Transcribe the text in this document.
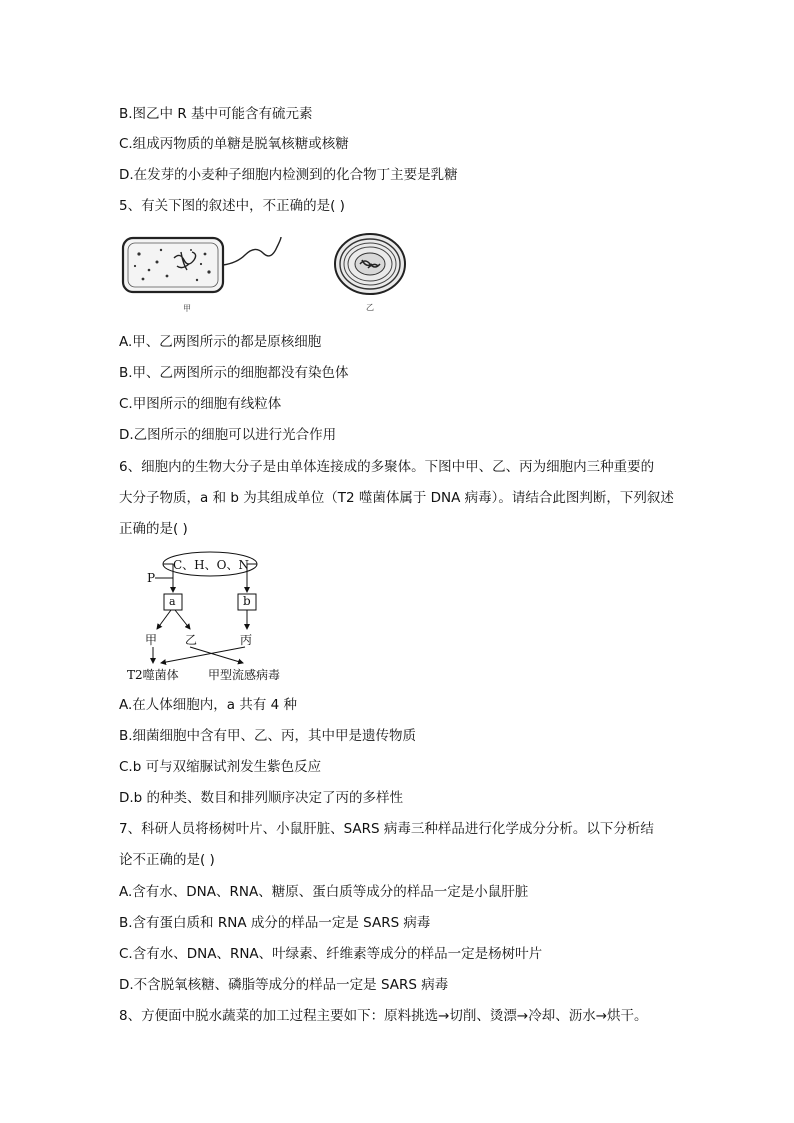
B.图乙中 R 基中可能含有硫元素
C.组成丙物质的单糖是脱氧核糖或核糖
D.在发芽的小麦种子细胞内检测到的化合物丁主要是乳糖
5、有关下图的叙述中，不正确的是( )
甲	乙
A.甲、乙两图所示的都是原核细胞
B.甲、乙两图所示的细胞都没有染色体
C.甲图所示的细胞有线粒体
D.乙图所示的细胞可以进行光合作用
6、细胞内的生物大分子是由单体连接成的多聚体。下图中甲、乙、丙为细胞内三种重要的
大分子物质，a 和 b 为其组成单位（T2 噬菌体属于 DNA 病毒）。请结合此图判断，下列叙述
正确的是( )
C、H、O、N
P
a	b
甲 乙	丙
T2噬菌体 甲型流感病毒
A.在人体细胞内，a 共有 4 种
B.细菌细胞中含有甲、乙、丙，其中甲是遗传物质
C.b 可与双缩脲试剂发生紫色反应
D.b 的种类、数目和排列顺序决定了丙的多样性
7、科研人员将杨树叶片、小鼠肝脏、SARS 病毒三种样品进行化学成分分析。以下分析结
论不正确的是( )
A.含有水、DNA、RNA、糖原、蛋白质等成分的样品一定是小鼠肝脏
B.含有蛋白质和 RNA 成分的样品一定是 SARS 病毒
C.含有水、DNA、RNA、叶绿素、纤维素等成分的样品一定是杨树叶片
D.不含脱氧核糖、磷脂等成分的样品一定是 SARS 病毒
8、方便面中脱水蔬菜的加工过程主要如下：原料挑选→切削、烫漂→冷却、沥水→烘干。
